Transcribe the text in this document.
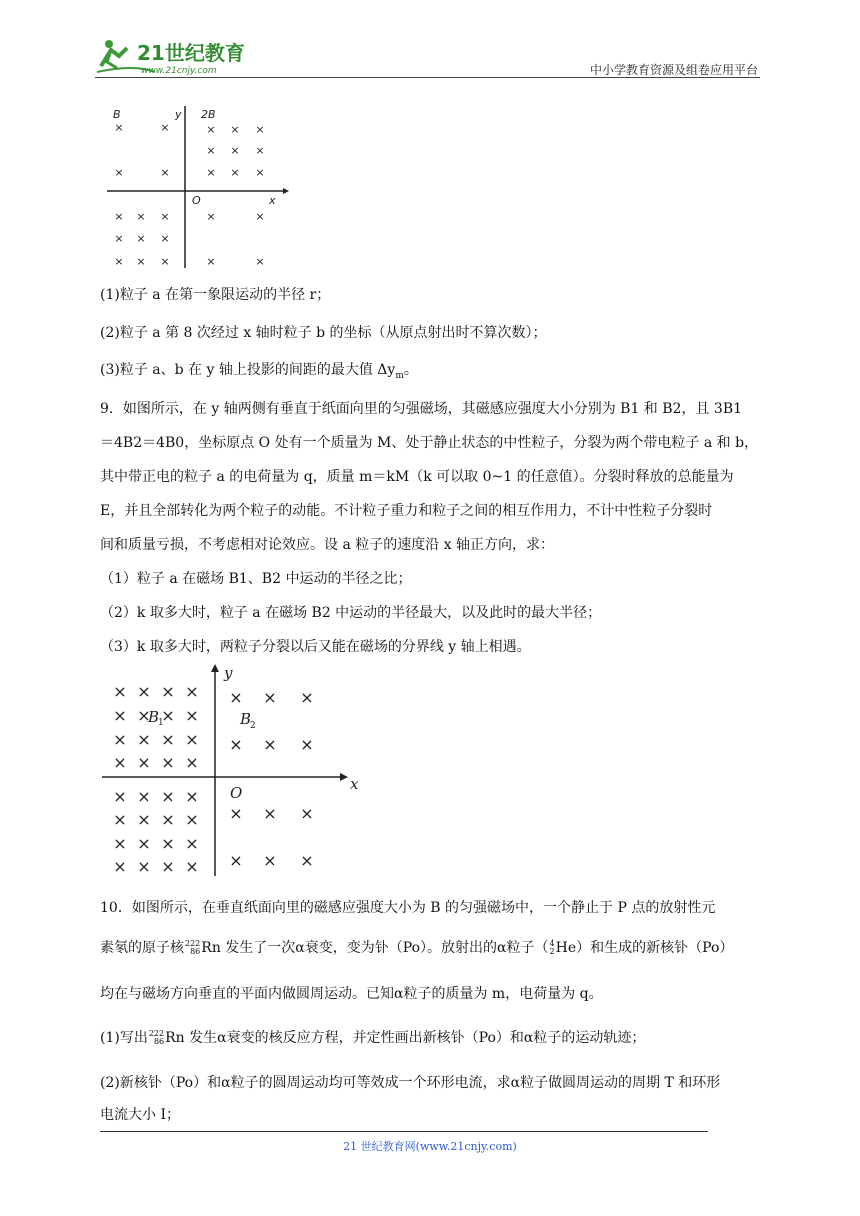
21世纪教育
www.21cnjy.com	中小学教育资源及组卷应用平台
B	y 2B
O	x
×	×	× × ×
× × ×
×	×	× × ×
× × ×	×	×
× × ×
× × ×	×	×
(1)粒子 a 在第一象限运动的半径 r；
(2)粒子 a 第 8 次经过 x 轴时粒子 b 的坐标（从原点射出时不算次数）；
(3)粒子 a、b 在 y 轴上投影的间距的最大值 $\Delta y_m$。
9．如图所示，在 y 轴两侧有垂直于纸面向里的匀强磁场，其磁感应强度大小分别为 B1 和 B2，且 3B1
＝4B2＝4B0，坐标原点 O 处有一个质量为 M、处于静止状态的中性粒子，分裂为两个带电粒子 a 和 b，
其中带正电的粒子 a 的电荷量为 q，质量 m＝kM（k 可以取 0~1 的任意值）。分裂时释放的总能量为
E，并且全部转化为两个粒子的动能。不计粒子重力和粒子之间的相互作用力，不计中性粒子分裂时
间和质量亏损，不考虑相对论效应。设 a 粒子的速度沿 x 轴正方向，求：
（1）粒子 a 在磁场 B1、B2 中运动的半径之比；
（2）k 取多大时，粒子 a 在磁场 B2 中运动的半径最大，以及此时的最大半径；
（3）k 取多大时，两粒子分裂以后又能在磁场的分界线 y 轴上相遇。
y
x
O
B
1	B
2
× × × ×
× × × ×
× × × ×
× × × ×
× × × ×
× × × ×
× × × ×
× × × ×
× × ×
× × ×
× × ×
× × ×
10．如图所示，在垂直纸面向里的磁感应强度大小为 B 的匀强磁场中，一个静止于 P 点的放射性元
素氡的原子核222
86Rn 发生了一次α衰变，变为钋（Po）。放射出的α粒子（4
2He）和生成的新核钋（Po）
均在与磁场方向垂直的平面内做圆周运动。已知α粒子的质量为 m，电荷量为 q。
(1)写出222
86Rn 发生α衰变的核反应方程，并定性画出新核钋（Po）和α粒子的运动轨迹；
(2)新核钋（Po）和α粒子的圆周运动均可等效成一个环形电流，求α粒子做圆周运动的周期 T 和环形
电流大小 I；
21 世纪教育网(www.21cnjy.com)
